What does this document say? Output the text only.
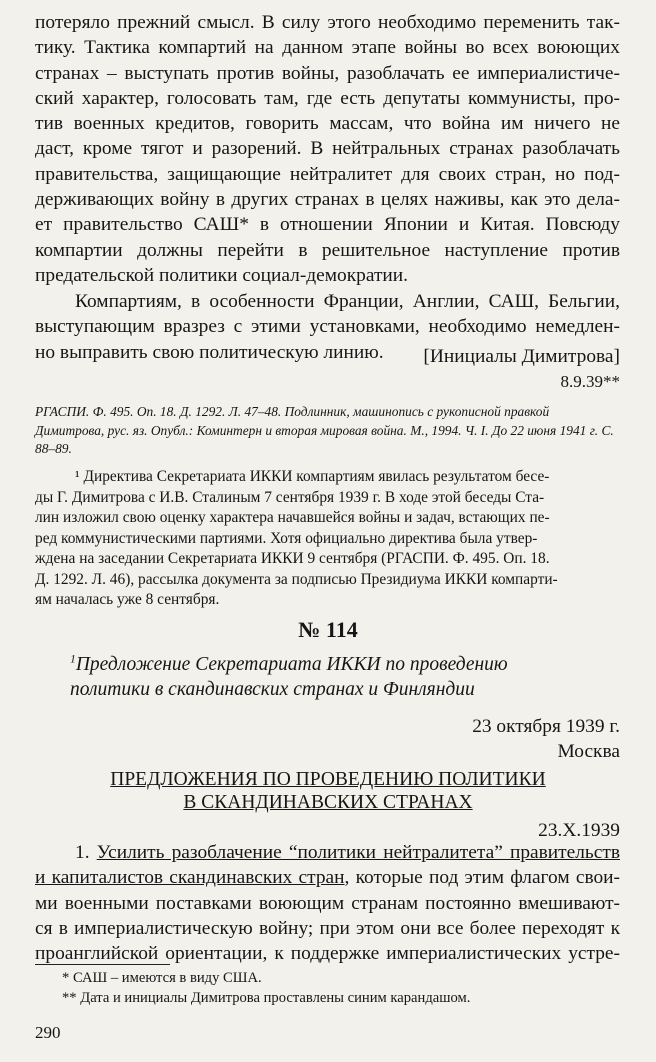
потеряло прежний смысл. В силу этого необходимо переменить так-
тику. Тактика компартий на данном этапе войны во всех воюющих
странах – выступать против войны, разоблачать ее империалистиче-
ский характер, голосовать там, где есть депутаты коммунисты, про-
тив военных кредитов, говорить массам, что война им ничего не
даст, кроме тягот и разорений. В нейтральных странах разоблачать
правительства, защищающие нейтралитет для своих стран, но под-
держивающих войну в других странах в целях наживы, как это дела-
ет правительство САШ* в отношении Японии и Китая. Повсюду
компартии должны перейти в решительное наступление против
предательской политики социал-демократии.
Компартиям, в особенности Франции, Англии, САШ, Бельгии,
выступающим вразрез с этими установками, необходимо немедлен-
но выправить свою политическую линию.	[Инициалы Димитрова]
8.9.39**
РГАСПИ. Ф. 495. Оп. 18. Д. 1292. Л. 47–48. Подлинник, машинопись с рукописной правкой Димитрова, рус. яз. Опубл.: Коминтерн и вторая мировая война. М., 1994. Ч. I. До 22 июня 1941 г. С. 88–89.
¹ Директива Секретариата ИККИ компартиям явилась результатом бесе-
ды Г. Димитрова с И.В. Сталиным 7 сентября 1939 г. В ходе этой беседы Ста-
лин изложил свою оценку характера начавшейся войны и задач, встающих пе-
ред коммунистическими партиями. Хотя официально директива была утвер-
ждена на заседании Секретариата ИККИ 9 сентября (РГАСПИ. Ф. 495. Оп. 18.
Д. 1292. Л. 46), рассылка документа за подписью Президиума ИККИ компарти-
ям началась уже 8 сентября.
№ 114
$^1$Предложение Секретариата ИККИ по проведению политики в скандинавских странах и Финляндии
23 октября 1939 г.
Москва
ПРЕДЛОЖЕНИЯ ПО ПРОВЕДЕНИЮ ПОЛИТИКИ
В СКАНДИНАВСКИХ СТРАНАХ
23.X.1939
1. Усилить разоблачение “политики нейтралитета” правительств
и капиталистов скандинавских стран, которые под этим флагом свои-
ми военными поставками воюющим странам постоянно вмешивают-
ся в империалистическую войну; при этом они все более переходят к
проанглийской ориентации, к поддержке империалистических устре-
* САШ – имеются в виду США.
** Дата и инициалы Димитрова проставлены синим карандашом.
290
